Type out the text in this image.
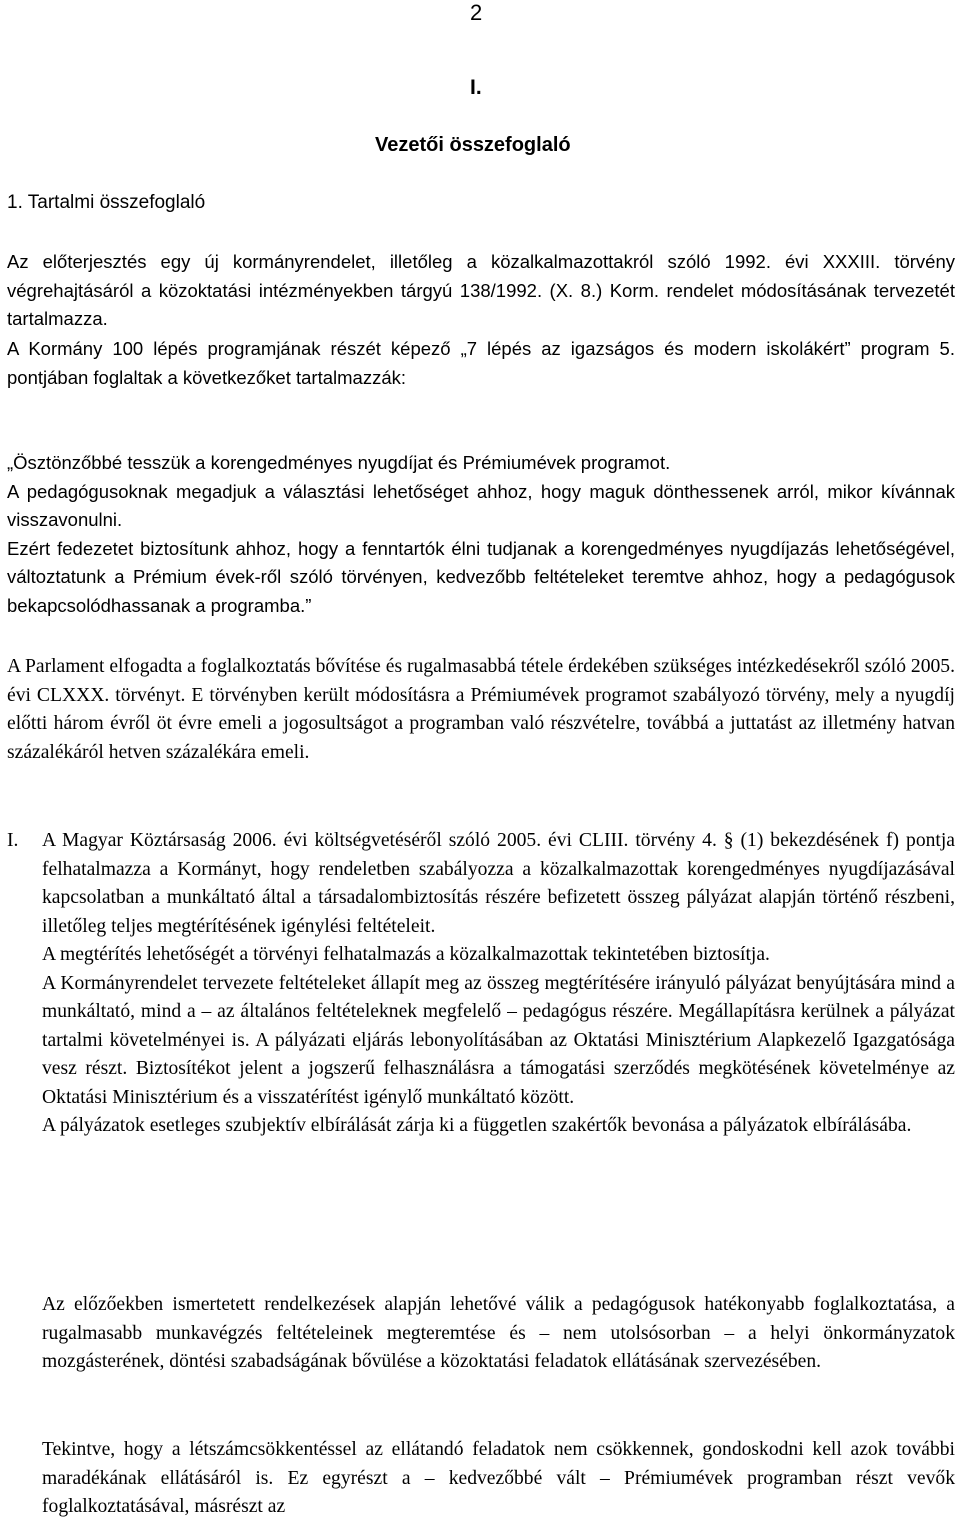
2
I.
Vezetői összefoglaló
1. Tartalmi összefoglaló

Az előterjesztés egy új kormányrendelet, illetőleg a közalkalmazottakról szóló 1992. évi XXXIII. törvény végrehajtásáról a közoktatási intézményekben tárgyú 138/1992. (X. 8.) Korm. rendelet módosításának tervezetét tartalmazza.

A Kormány 100 lépés programjának részét képező „7 lépés az igazságos és modern iskolákért” program 5. pontjában foglaltak a következőket tartalmazzák:

„Ösztönzőbbé tesszük a korengedményes nyugdíjat és Prémiumévek programot.

A pedagógusoknak megadjuk a választási lehetőséget ahhoz, hogy maguk dönthessenek arról, mikor kívánnak visszavonulni.

Ezért fedezetet biztosítunk ahhoz, hogy a fenntartók élni tudjanak a korengedményes nyugdíjazás lehetőségével, változtatunk a Prémium évek-ről szóló törvényen, kedvezőbb feltételeket teremtve ahhoz, hogy a pedagógusok bekapcsolódhassanak a programba.”

A Parlament elfogadta a foglalkoztatás bővítése és rugalmasabbá tétele érdekében szükséges intézkedésekről szóló 2005. évi CLXXX. törvényt. E törvényben került módosításra a Prémiumévek programot szabályozó törvény, mely a nyugdíj előtti három évről öt évre emeli a jogosultságot a programban való részvételre, továbbá a juttatást az illetmény hatvan százalékáról hetven százalékára emeli.

I. A Magyar Köztársaság 2006. évi költségvetéséről szóló 2005. évi CLIII. törvény 4. § (1) bekezdésének f) pontja felhatalmazza a Kormányt, hogy rendeletben szabályozza a közalkalmazottak korengedményes nyugdíjazásával kapcsolatban a munkáltató által a társadalombiztosítás részére befizetett összeg pályázat alapján történő részbeni, illetőleg teljes megtérítésének igénylési feltételeit.

A megtérítés lehetőségét a törvényi felhatalmazás a közalkalmazottak tekintetében biztosítja.

A Kormányrendelet tervezete feltételeket állapít meg az összeg megtérítésére irányuló pályázat benyújtására mind a munkáltató, mind a – az általános feltételeknek megfelelő – pedagógus részére. Megállapításra kerülnek a pályázat tartalmi követelményei is. A pályázati eljárás lebonyolításában az Oktatási Minisztérium Alapkezelő Igazgatósága vesz részt. Biztosítékot jelent a jogszerű felhasználásra a támogatási szerződés megkötésének követelménye az Oktatási Minisztérium és a visszatérítést igénylő munkáltató között.

A pályázatok esetleges szubjektív elbírálását zárja ki a független szakértők bevonása a pályázatok elbírálásába.

Az előzőekben ismertetett rendelkezések alapján lehetővé válik a pedagógusok hatékonyabb foglalkoztatása, a rugalmasabb munkavégzés feltételeinek megteremtése és – nem utolsósorban – a helyi önkormányzatok mozgásterének, döntési szabadságának bővülése a közoktatási feladatok ellátásának szervezésében.

Tekintve, hogy a létszámcsökkentéssel az ellátandó feladatok nem csökkennek, gondoskodni kell azok további maradékának ellátásáról is. Ez egyrészt a – kedvezőbbé vált – Prémiumévek programban részt vevők foglalkoztatásával, másrészt az
